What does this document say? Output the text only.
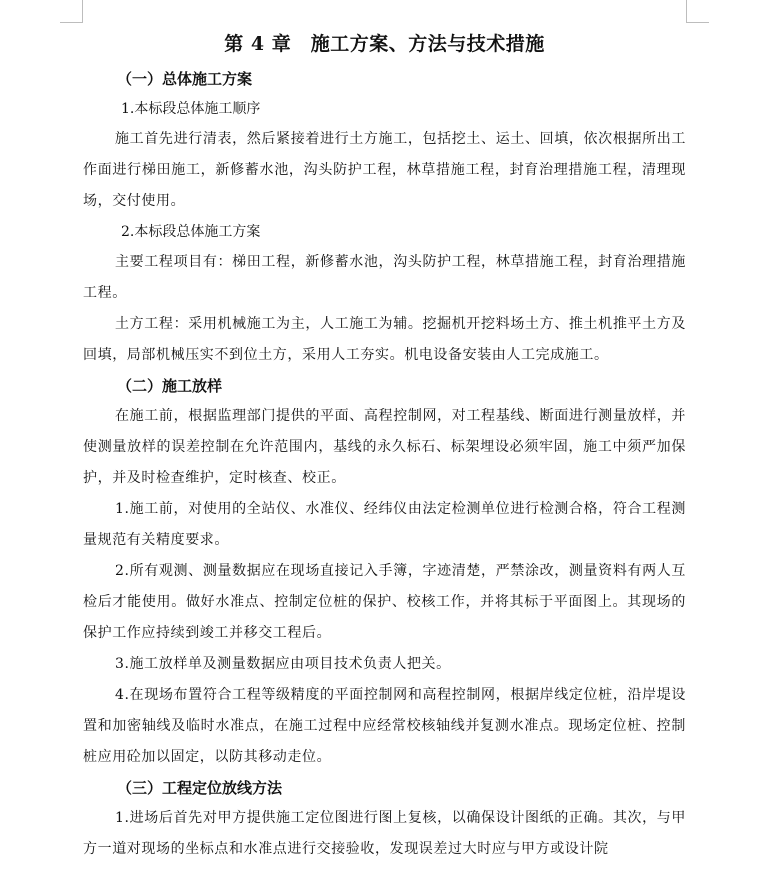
第 4 章　施工方案、方法与技术措施
（一）总体施工方案

1.本标段总体施工顺序

施工首先进行清表，然后紧接着进行土方施工，包括挖土、运土、回填，依次根据所出工作面进行梯田施工，新修蓄水池，沟头防护工程，林草措施工程，封育治理措施工程，清理现场，交付使用。

2.本标段总体施工方案

主要工程项目有：梯田工程，新修蓄水池，沟头防护工程，林草措施工程，封育治理措施工程。

土方工程：采用机械施工为主，人工施工为辅。挖掘机开挖料场土方、推土机推平土方及回填，局部机械压实不到位土方，采用人工夯实。机电设备安装由人工完成施工。

（二）施工放样

在施工前，根据监理部门提供的平面、高程控制网，对工程基线、断面进行测量放样，并使测量放样的误差控制在允许范围内，基线的永久标石、标架埋设必须牢固，施工中须严加保护，并及时检查维护，定时核查、校正。

1.施工前，对使用的全站仪、水准仪、经纬仪由法定检测单位进行检测合格，符合工程测量规范有关精度要求。

2.所有观测、测量数据应在现场直接记入手簿，字迹清楚，严禁涂改，测量资料有两人互检后才能使用。做好水准点、控制定位桩的保护、校核工作，并将其标于平面图上。其现场的保护工作应持续到竣工并移交工程后。

3.施工放样单及测量数据应由项目技术负责人把关。

4.在现场布置符合工程等级精度的平面控制网和高程控制网，根据岸线定位桩，沿岸堤设置和加密轴线及临时水准点，在施工过程中应经常校核轴线并复测水准点。现场定位桩、控制桩应用砼加以固定，以防其移动走位。

（三）工程定位放线方法

1.进场后首先对甲方提供施工定位图进行图上复核，以确保设计图纸的正确。其次，与甲方一道对现场的坐标点和水准点进行交接验收，发现误差过大时应与甲方或设计院
